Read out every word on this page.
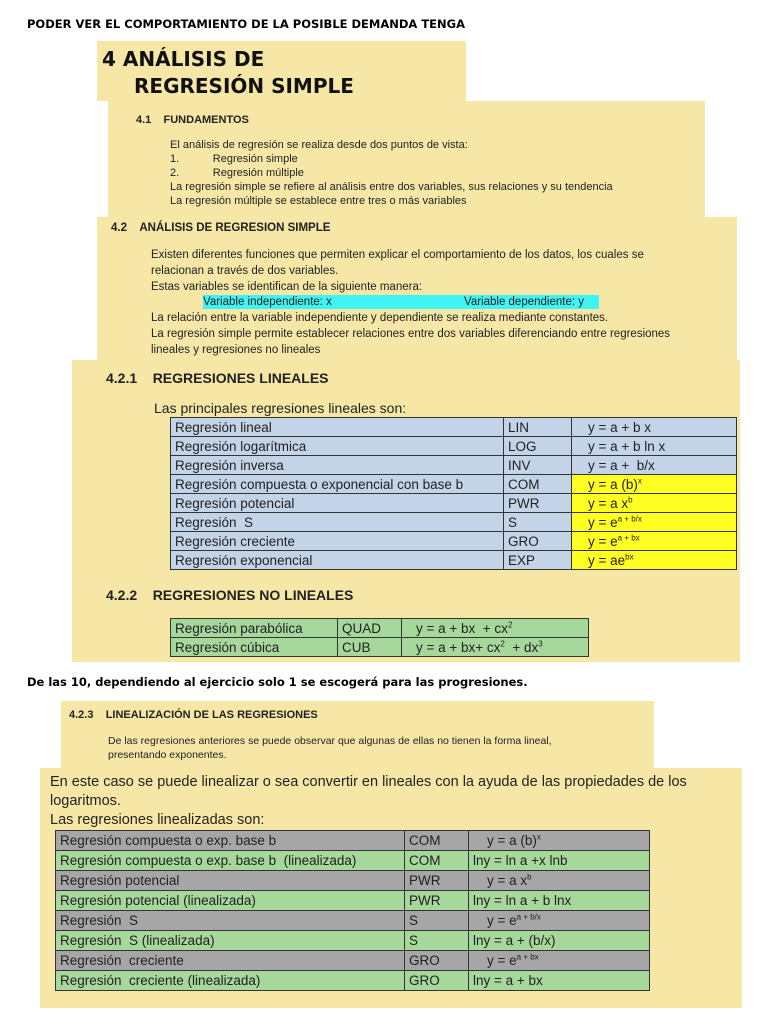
PODER VER EL COMPORTAMIENTO DE LA POSIBLE DEMANDA TENGA
4 ANÁLISIS DE
REGRESIÓN SIMPLE
4.1    FUNDAMENTOS
El análisis de regresión se realiza desde dos puntos de vista:
1.           Regresión simple
2.           Regresión múltiple
La regresión simple se refiere al análisis entre dos variables, sus relaciones y su tendencia
La regresión múltiple se establece entre tres o más variables
4.2    ANÁLISIS DE REGRESION SIMPLE
Existen diferentes funciones que permiten explicar el comportamiento de los datos, los cuales se
relacionan a través de dos variables.
Estas variables se identifican de la siguiente manera:
Variable independiente: x	Variable dependiente: y
La relación entre la variable independiente y dependiente se realiza mediante constantes.
La regresión simple permite establecer relaciones entre dos variables diferenciando entre regresiones
lineales y regresiones no lineales
4.2.1    REGRESIONES LINEALES
Las principales regresiones lineales son:
Regresión lineal	LIN	y = a + b x
Regresión logarítmica	LOG	y = a + b ln x
Regresión inversa	INV	y = a +  b/x
Regresión compuesta o exponencial con base b	COM	y = a $(b)^x$
Regresión potencial	PWR	y = a $x^b$
Regresión  S	S	$y = e^{a + b/x}$
Regresión creciente	GRO	$y = e^{a + bx}$
Regresión exponencial	EXP	$y = ae^{bx}$
4.2.2    REGRESIONES NO LINEALES
Regresión parabólica	QUAD	y = a + bx  + $cx^2$
Regresión cúbica	CUB	$y = a + bx+ cx^2 + dx^3$
De las 10, dependiendo al ejercicio solo 1 se escogerá para las progresiones.
4.2.3    LINEALIZACIÓN DE LAS REGRESIONES
De las regresiones anteriores se puede observar que algunas de ellas no tienen la forma lineal,
presentando exponentes.
En este caso se puede linealizar o sea convertir en lineales con la ayuda de las propiedades de los
logaritmos.
Las regresiones linealizadas son:
Regresión compuesta o exp. base b	COM	y = a $(b)^x$
Regresión compuesta o exp. base b  (linealizada)	COM	lny = ln a +x lnb
Regresión potencial	PWR	y = a $x^b$
Regresión potencial (linealizada)	PWR	lny = ln a + b lnx
Regresión  S	S	$y = e^{a + b/x}$
Regresión  S (linealizada)	S	lny = a + (b/x)
Regresión  creciente	GRO	$y = e^{a + bx}$
Regresión  creciente (linealizada)	GRO	lny = a + bx
